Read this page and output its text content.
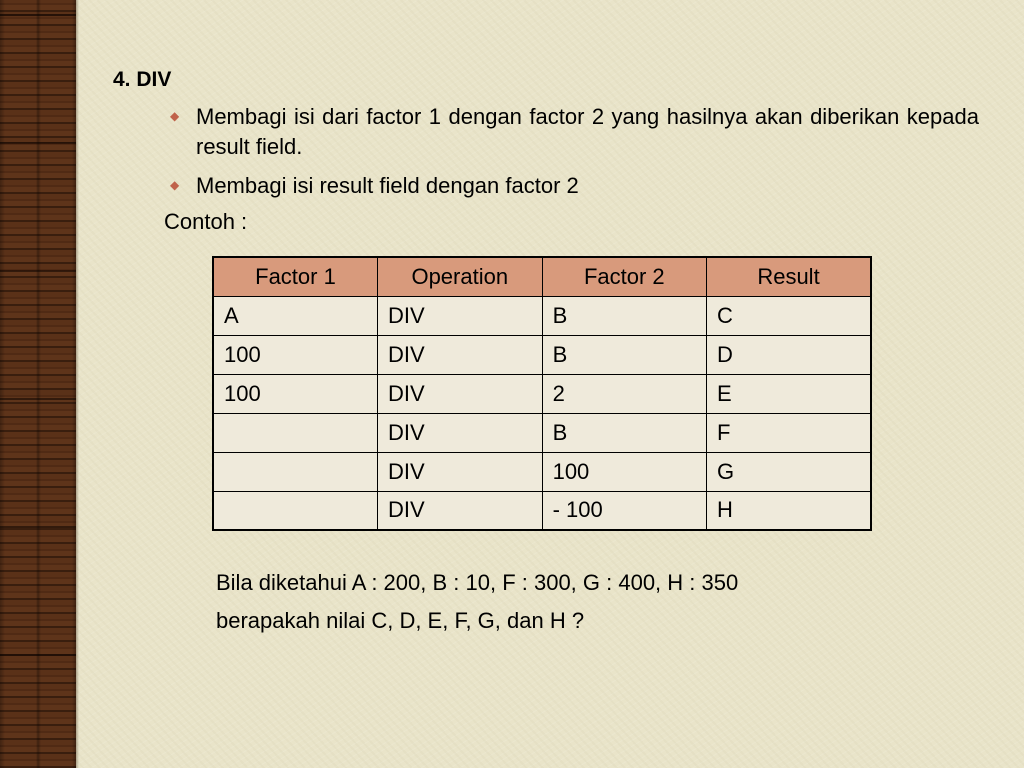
4. DIV
◆ Membagi isi dari factor 1 dengan factor 2 yang hasilnya akan diberikan kepada result field.
◆ Membagi isi result field dengan factor 2
Contoh :
Factor 1	Operation	Factor 2	Result
A	DIV	B	C
100	DIV	B	D
100	DIV	2	E
	DIV	B	F
	DIV	100	G
	DIV	- 100	H
Bila diketahui A : 200, B : 10, F : 300, G : 400, H : 350
berapakah nilai C, D, E, F, G, dan H ?
